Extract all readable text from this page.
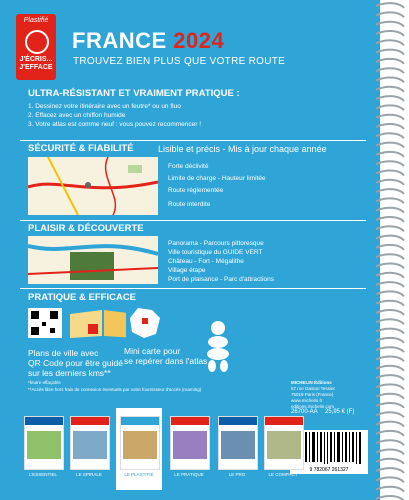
Plastifié
J'ÉCRIS... J'EFFACE
FRANCE 2024
TROUVEZ BIEN PLUS QUE VOTRE ROUTE
ULTRA-RÉSISTANT ET VRAIMENT PRATIQUE :
1. Dessinez votre itinéraire avec un feutre* ou un fluo
2. Effacez avec un chiffon humide
3. Votre atlas est comme neuf : vous pouvez recommencer !
SÉCURITÉ & FIABILITÉ	Lisible et précis - Mis à jour chaque année
Forte déclivité
Limite de charge - Hauteur limitée
Route réglementée
Route interdite
PLAISIR & DÉCOUVERTE
Panorama - Parcours pittoresque
Ville touristique du GUIDE VERT
Château - Fort - Mégalithe
Village étape
Port de plaisance - Parc d'attractions
PRATIQUE & EFFICACE
Plans de ville avec
QR Code pour être guidé
sur les derniers kms**
Mini carte pour
se repérer dans l'atlas
*feutre effaçable
**Accès libre hors frais de connexion éventuels par votre fournisseur d'accès (roaming)
MICHELIN Éditions
57 rue Gaston Tessier
75019 Paris (France)
www.michelin.fr
editions.michelin.com
26700-AA 25,95 € (F)
9 782067 261327
L'ESSENTIEL	LE SPIRALE	LE PLASTIFIÉ	LE PRATIQUE	LE PRO	LE COMPACT
